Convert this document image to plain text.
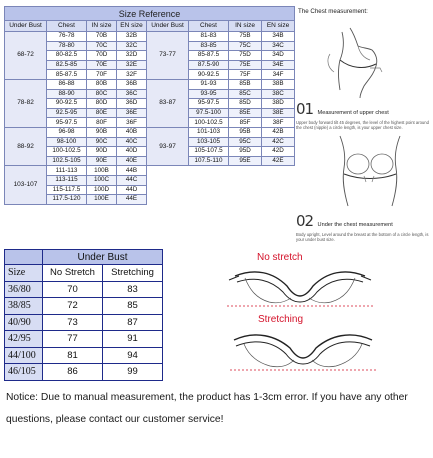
Size Reference							
Under Bust	Chest	IN size	EN size	Under Bust	Chest	IN size	EN size
68-72	76-78	70B	32B	73-77	81-83	75B	34B
	78-80	70C	32C		83-85	75C	34C
	80-82.5	70D	32D		85-87.5	75D	34D
	82.5-85	70E	32E		87.5-90	75E	34E
	85-87.5	70F	32F		90-92.5	75F	34F
78-82	86-88	80B	36B	83-87	91-93	85B	38B
	88-90	80C	36C		93-95	85C	38C
	90-92.5	80D	36D		95-97.5	85D	38D
	92.5-95	80E	36E		97.5-100	85E	38E
	95-97.5	80F	36F		100-102.5	85F	38F
88-92	96-98	90B	40B	93-97	101-103	95B	42B
	98-100	90C	40C		103-105	95C	42C
	100-102.5	90D	40D		105-107.5	95D	42D
	102.5-105	90E	40E		107.5-110	95E	42E
103-107	111-113	100B	44B				
	113-115	100C	44C				
	115-117.5	100D	44D				
	117.5-120	100E	44E				
The Chest measurement:
01 Measurement of upper chest
Upper body forward tilt 45 degrees, the level of the highest point around the chest (nipple) a circle length, is your upper chest size.
02 Under the chest measurement
Body upright, Level around the breast at the bottom of a circle length, is your under bust size.
	Under Bust		
Size	No Stretch	Stretching	
36/80	70	83	
38/85	72	85	
40/90	73	87	
42/95	77	91	
44/100	81	94	
46/105	86	99	
No stretch
Stretching
Notice: Due to manual measurement, the product has 1-3cm error. If you have any other questions, please contact our customer service!
